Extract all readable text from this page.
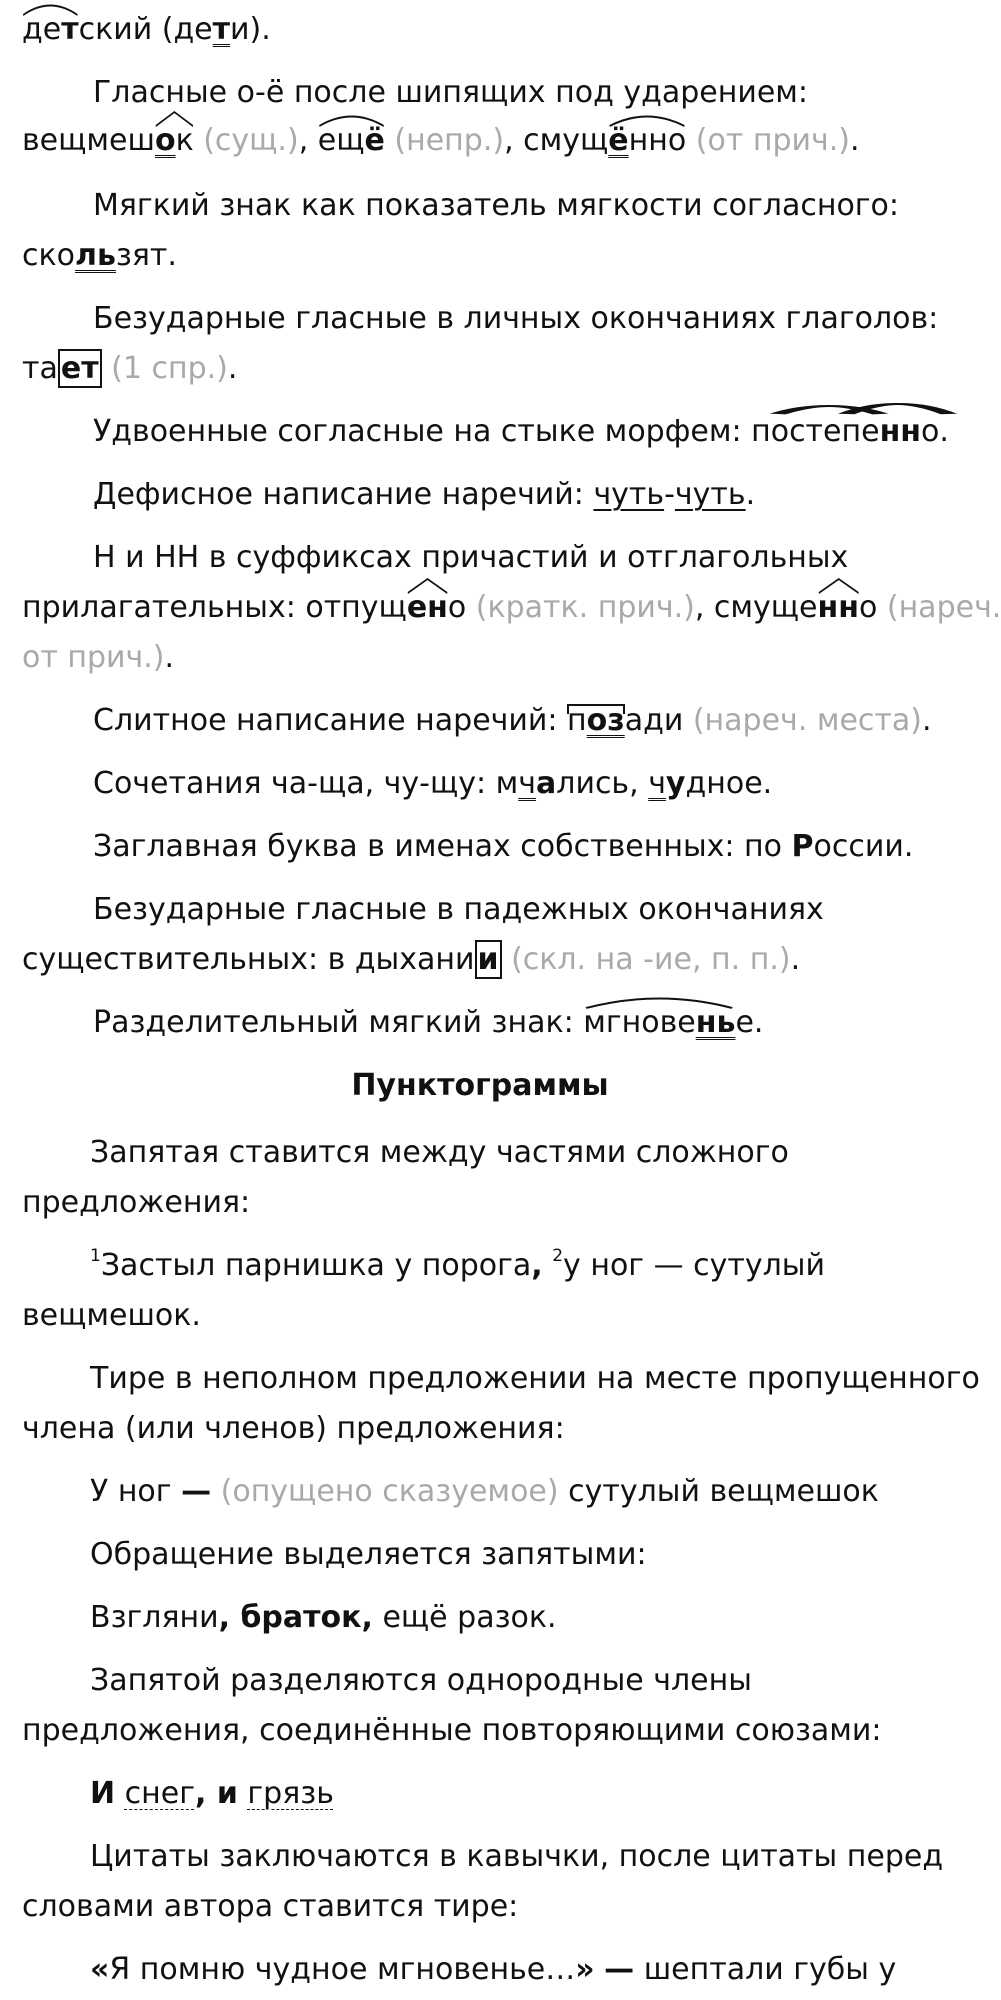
детский (дети).
Гласные о-ё после шипящих под ударением:
вещмеш
ок (сущ.),
ещё (непр.), смущ
ённо (от прич.).
Мягкий знак как показатель мягкости согласного:
скользят.
Безударные гласные в личных окончаниях глаголов:
та ет (1 спр.).
Удвоенные согласные на стыке морфем: постепенно.
Дефисное написание наречий: чуть-чуть.
Н и НН в суффиксах причастий и отглагольных
прилагательных: отпущ
ено (кратк. прич.), смуще
нно (нареч.
от прич.).
Слитное написание наречий: позади (нареч. места).
Сочетания ча-ща, чу-щу: мчались, чудное.
Заглавная буква в именах собственных: по России.
Безударные гласные в падежных окончаниях
существительных: в дыхани и (скл. на -ие, п. п.).
Разделительный мягкий знак:
мгновенье.
Пунктограммы
Запятая ставится между частями сложного
предложения:
$^1$Застыл парнишка у порога, $^2$у ног — сутулый
вещмешок.
Тире в неполном предложении на месте пропущенного
члена (или членов) предложения:
У ног — (опущено сказуемое) сутулый вещмешок
Обращение выделяется запятыми:
Взгляни, браток, ещё разок.
Запятой разделяются однородные члены
предложения, соединённые повторяющими союзами:
И снег, и грязь
Цитаты заключаются в кавычки, после цитаты перед
словами автора ставится тире:
«Я помню чудное мгновенье…» — шептали губы у
